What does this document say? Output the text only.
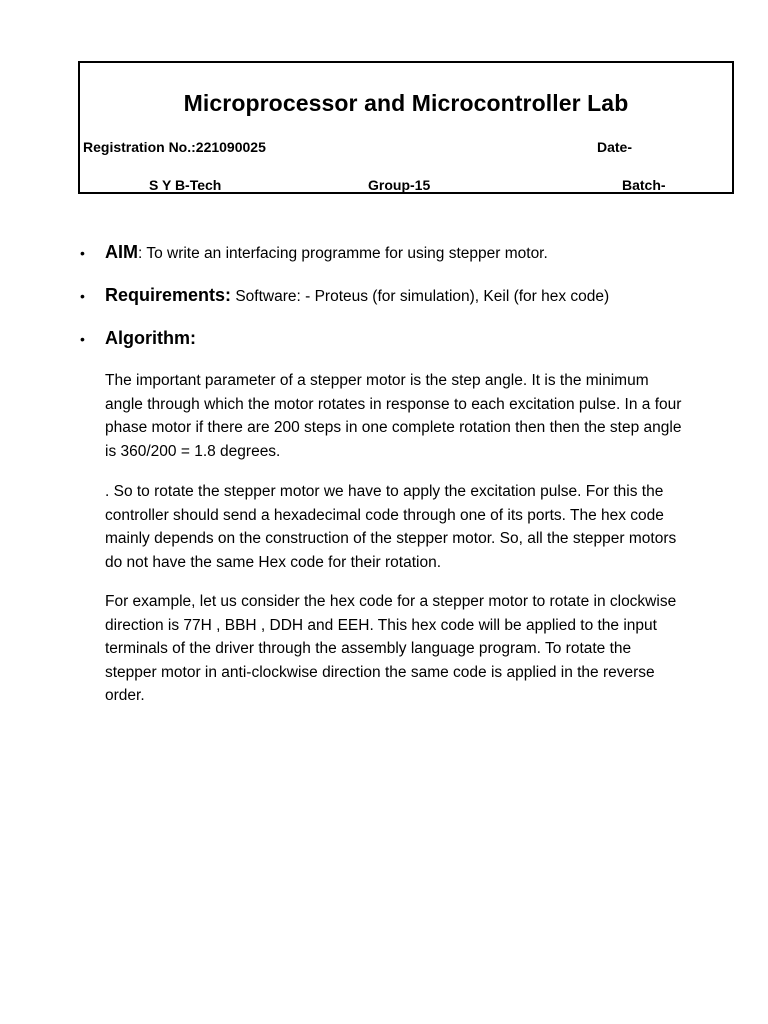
Microprocessor and Microcontroller Lab
Registration No.:221090025	Date-
S Y B-Tech	Group-15	Batch-
• AIM: To write an interfacing programme for using stepper motor.
• Requirements: Software: - Proteus (for simulation), Keil (for hex code)
• Algorithm:

The important parameter of a stepper motor is the step angle. It is the minimum
angle through which the motor rotates in response to each excitation pulse. In a four
phase motor if there are 200 steps in one complete rotation then then the step angle
is 360/200 = 1.8 degrees.

. So to rotate the stepper motor we have to apply the excitation pulse. For this the
controller should send a hexadecimal code through one of its ports. The hex code
mainly depends on the construction of the stepper motor. So, all the stepper motors
do not have the same Hex code for their rotation.

For example, let us consider the hex code for a stepper motor to rotate in clockwise
direction is 77H , BBH , DDH and EEH. This hex code will be applied to the input
terminals of the driver through the assembly language program. To rotate the
stepper motor in anti-clockwise direction the same code is applied in the reverse
order.
